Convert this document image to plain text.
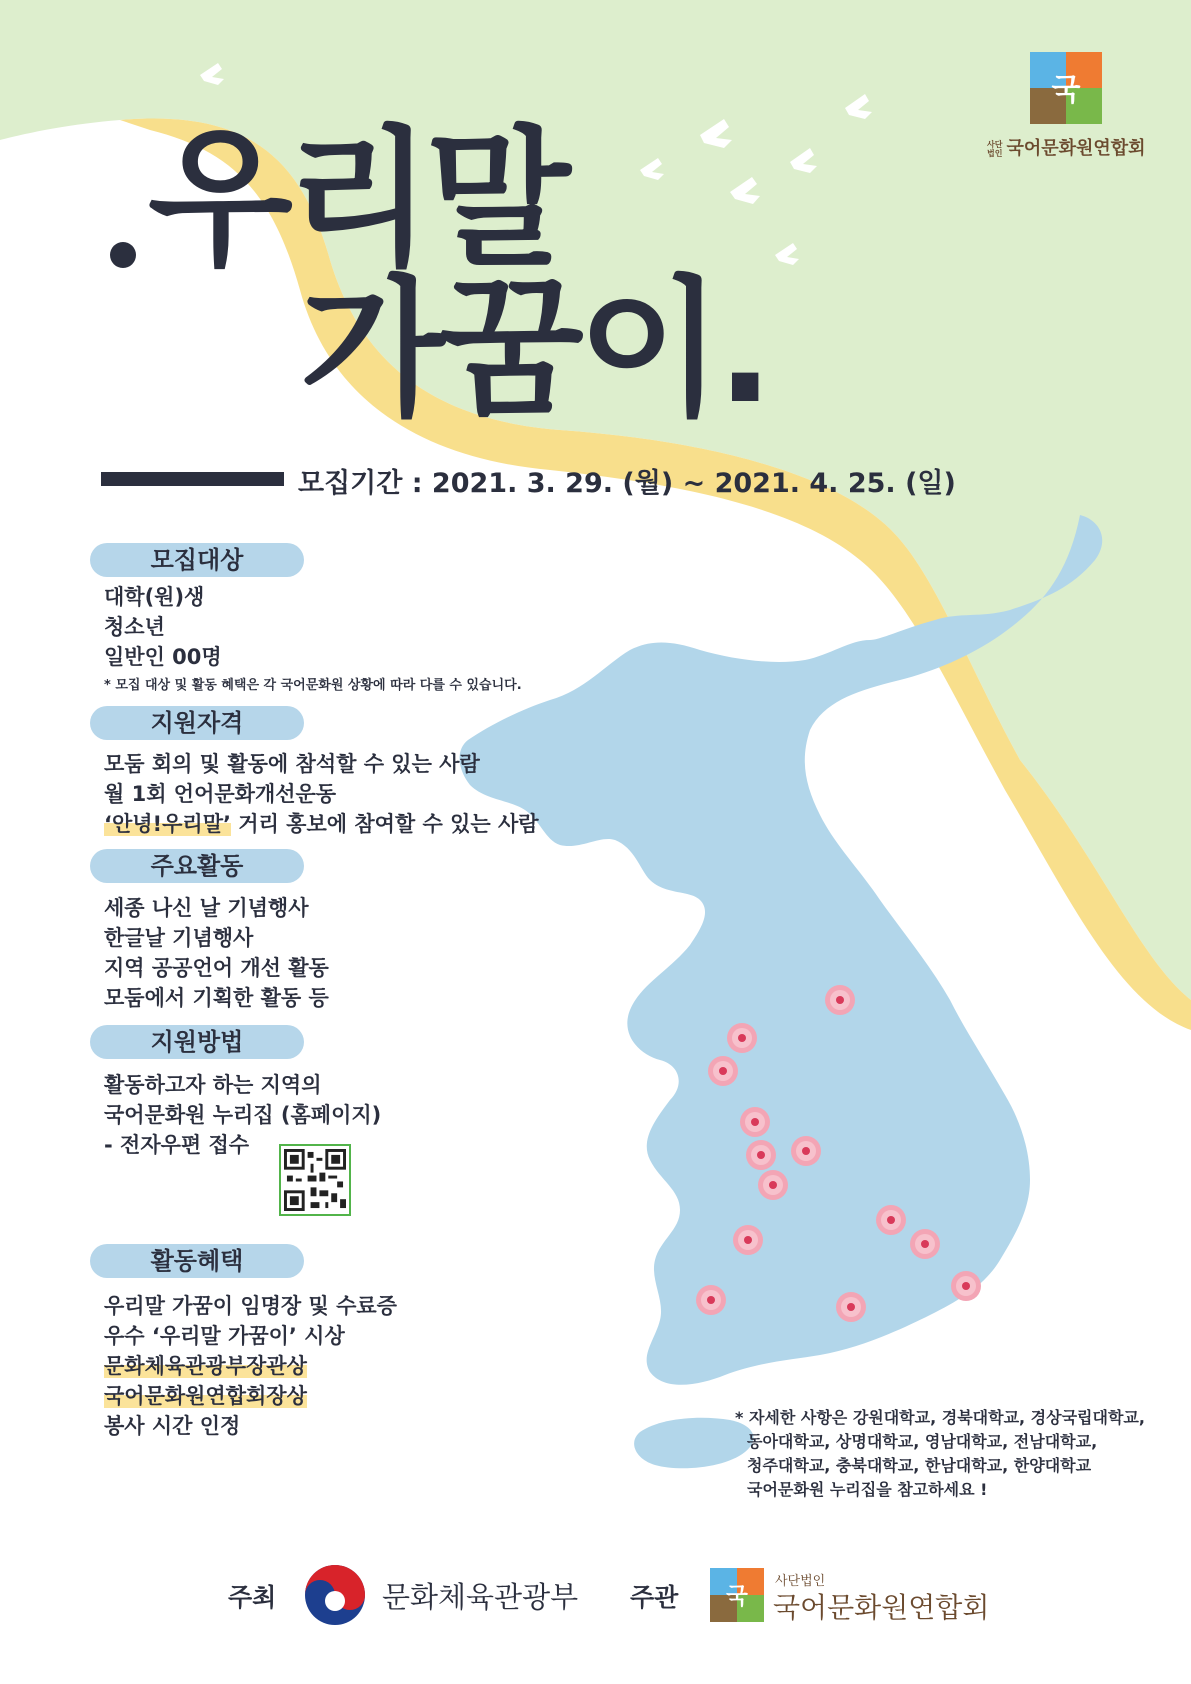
국
사단
법인 국어문화원연합회
우리말
가꿈이.
모집기간 : 2021. 3. 29. (월) ~ 2021. 4. 25. (일)
모집대상
대학(원)생
청소년
일반인 00명
* 모집 대상 및 활동 혜택은 각 국어문화원 상황에 따라 다를 수 있습니다.
지원자격
모둠 회의 및 활동에 참석할 수 있는 사람
월 1회 언어문화개선운동
‘안녕!우리말’ 거리 홍보에 참여할 수 있는 사람
주요활동
세종 나신 날 기념행사
한글날 기념행사
지역 공공언어 개선 활동
모둠에서 기획한 활동 등
지원방법
활동하고자 하는 지역의
국어문화원 누리집 (홈페이지)
- 전자우편 접수
활동혜택
우리말 가꿈이 임명장 및 수료증
우수 ‘우리말 가꿈이’ 시상
문화체육관광부장관상
국어문화원연합회장상
봉사 시간 인정	* 자세한 사항은 강원대학교, 경북대학교, 경상국립대학교,
동아대학교, 상명대학교, 영남대학교, 전남대학교,
청주대학교, 충북대학교, 한남대학교, 한양대학교
국어문화원 누리집을 참고하세요 !
주최	문화체육관광부 주관 국
사단법인
국어문화원연합회
